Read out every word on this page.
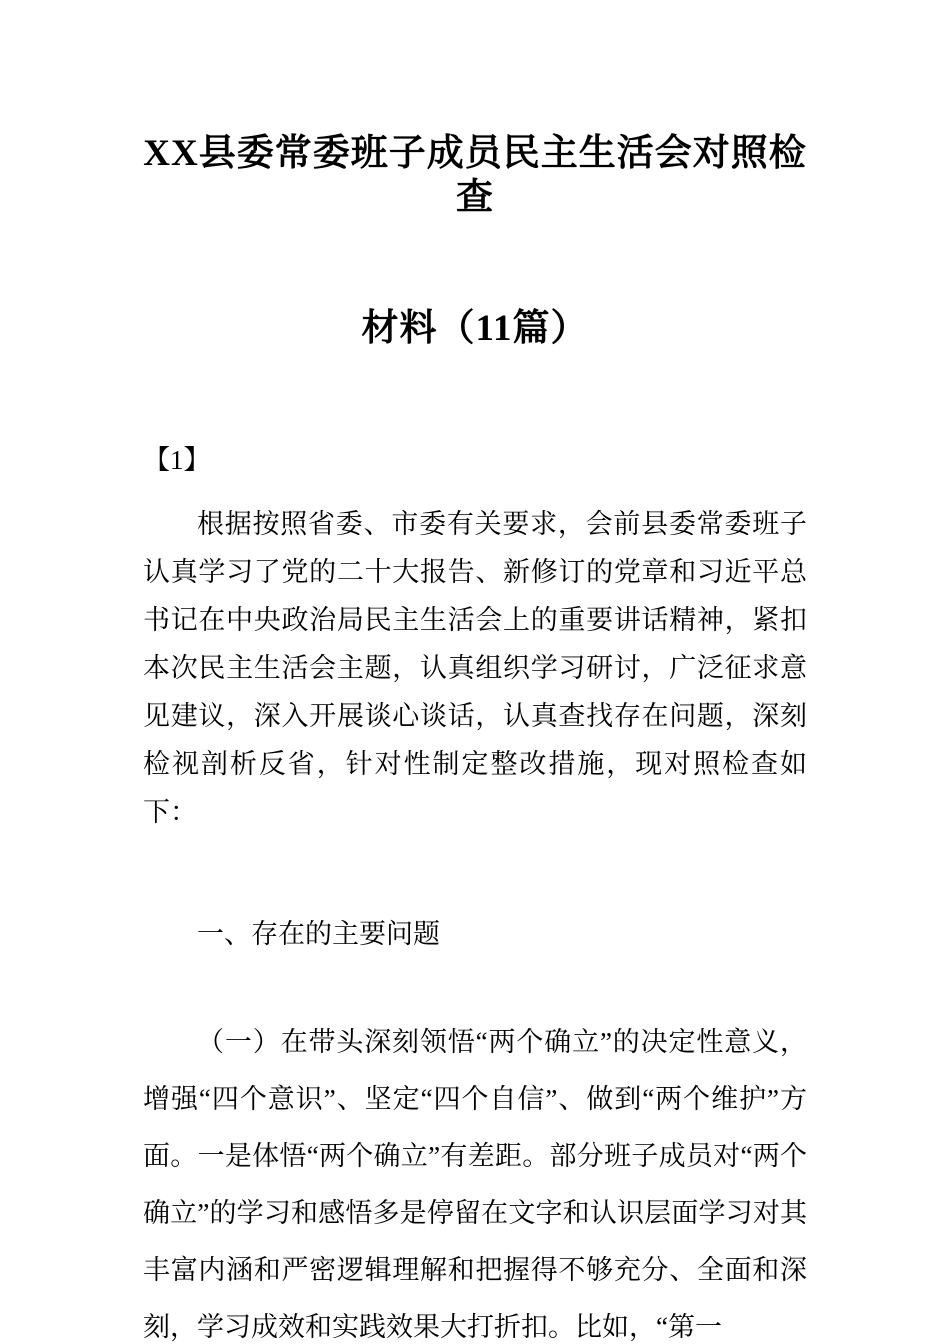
XX县委常委班子成员民主生活会对照检查
材料（11篇）
【1】

根据按照省委、市委有关要求，会前县委常委班子认真学习了党的二十大报告、新修订的党章和习近平总书记在中央政治局民主生活会上的重要讲话精神，紧扣本次民主生活会主题，认真组织学习研讨，广泛征求意见建议，深入开展谈心谈话，认真查找存在问题，深刻检视剖析反省，针对性制定整改措施，现对照检查如下：

一、存在的主要问题

（一）在带头深刻领悟“两个确立”的决定性意义，增强“四个意识”、坚定“四个自信”、做到“两个维护”方面。一是体悟“两个确立”有差距。部分班子成员对“两个确立”的学习和感悟多是停留在文字和认识层面学习对其丰富内涵和严密逻辑理解和把握得不够充分、全面和深刻，学习成效和实践效果大打折扣。比如，“第一
